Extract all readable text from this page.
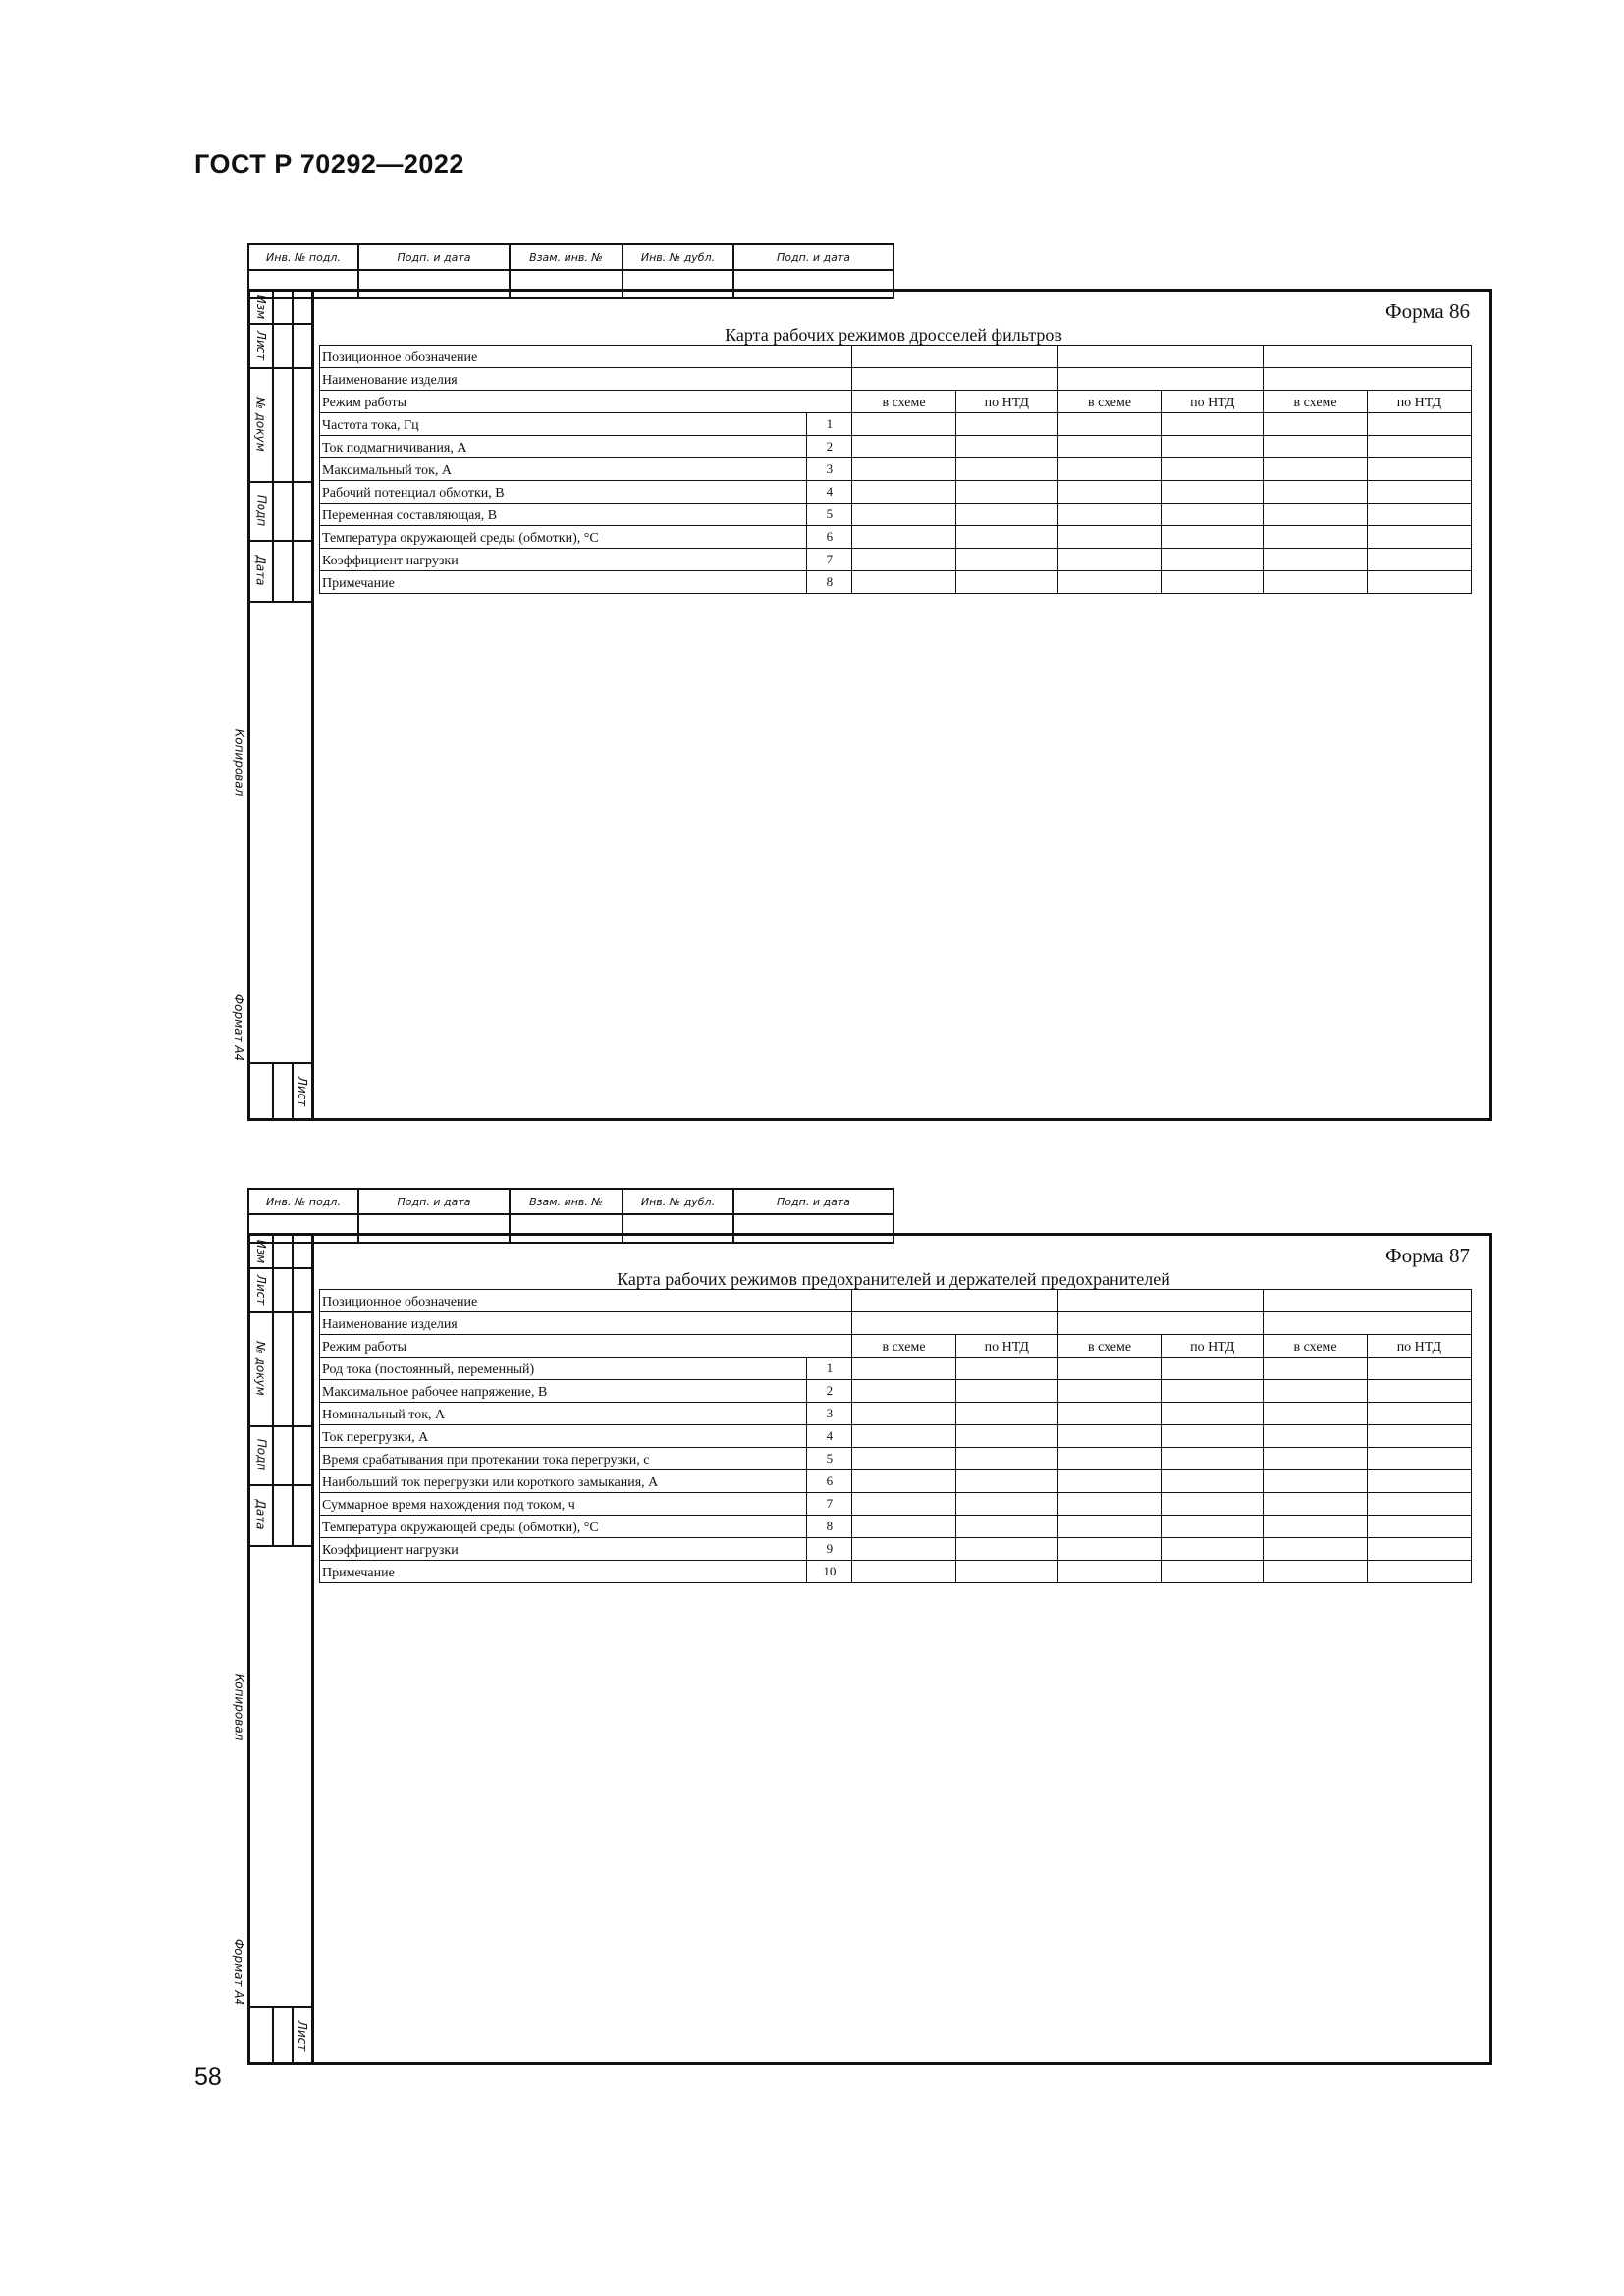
ГОСТ Р 70292—2022
Инв. № подл.	Подп. и дата	Взам. инв. №	Инв. № дубл.	Подп. и дата

Изм
Лист
№ докум
Подп
Дата
Лист
Копировал
Формат А4
Форма 86
Карта рабочих режимов дросселей фильтров
Позиционное обозначение							
Наименование изделия							
Режим работы		в схеме	по НТД	в схеме	по НТД	в схеме	по НТД
Частота тока, Гц	1						
Ток подмагничивания, А	2						
Максимальный ток, А	3						
Рабочий потенциал обмотки, В	4						
Переменная составляющая, В	5						
Температура окружающей среды (обмотки), °С	6						
Коэффициент нагрузки	7						
Примечание	8						
Инв. № подл.	Подп. и дата	Взам. инв. №	Инв. № дубл.	Подп. и дата

Изм
Лист
№ докум
Подп
Дата
Лист
Копировал
Формат А4
Форма 87
Карта рабочих режимов предохранителей и держателей предохранителей
Позиционное обозначение							
Наименование изделия							
Режим работы		в схеме	по НТД	в схеме	по НТД	в схеме	по НТД
Род тока (постоянный, переменный)	1						
Максимальное рабочее напряжение, В	2						
Номинальный ток, А	3						
Ток перегрузки, А	4						
Время срабатывания при протекании тока перегрузки, с	5						
Наибольший ток перегрузки или короткого замыкания, А	6						
Суммарное время нахождения под током, ч	7						
Температура окружающей среды (обмотки), °С	8						
Коэффициент нагрузки	9						
Примечание	10						
58
